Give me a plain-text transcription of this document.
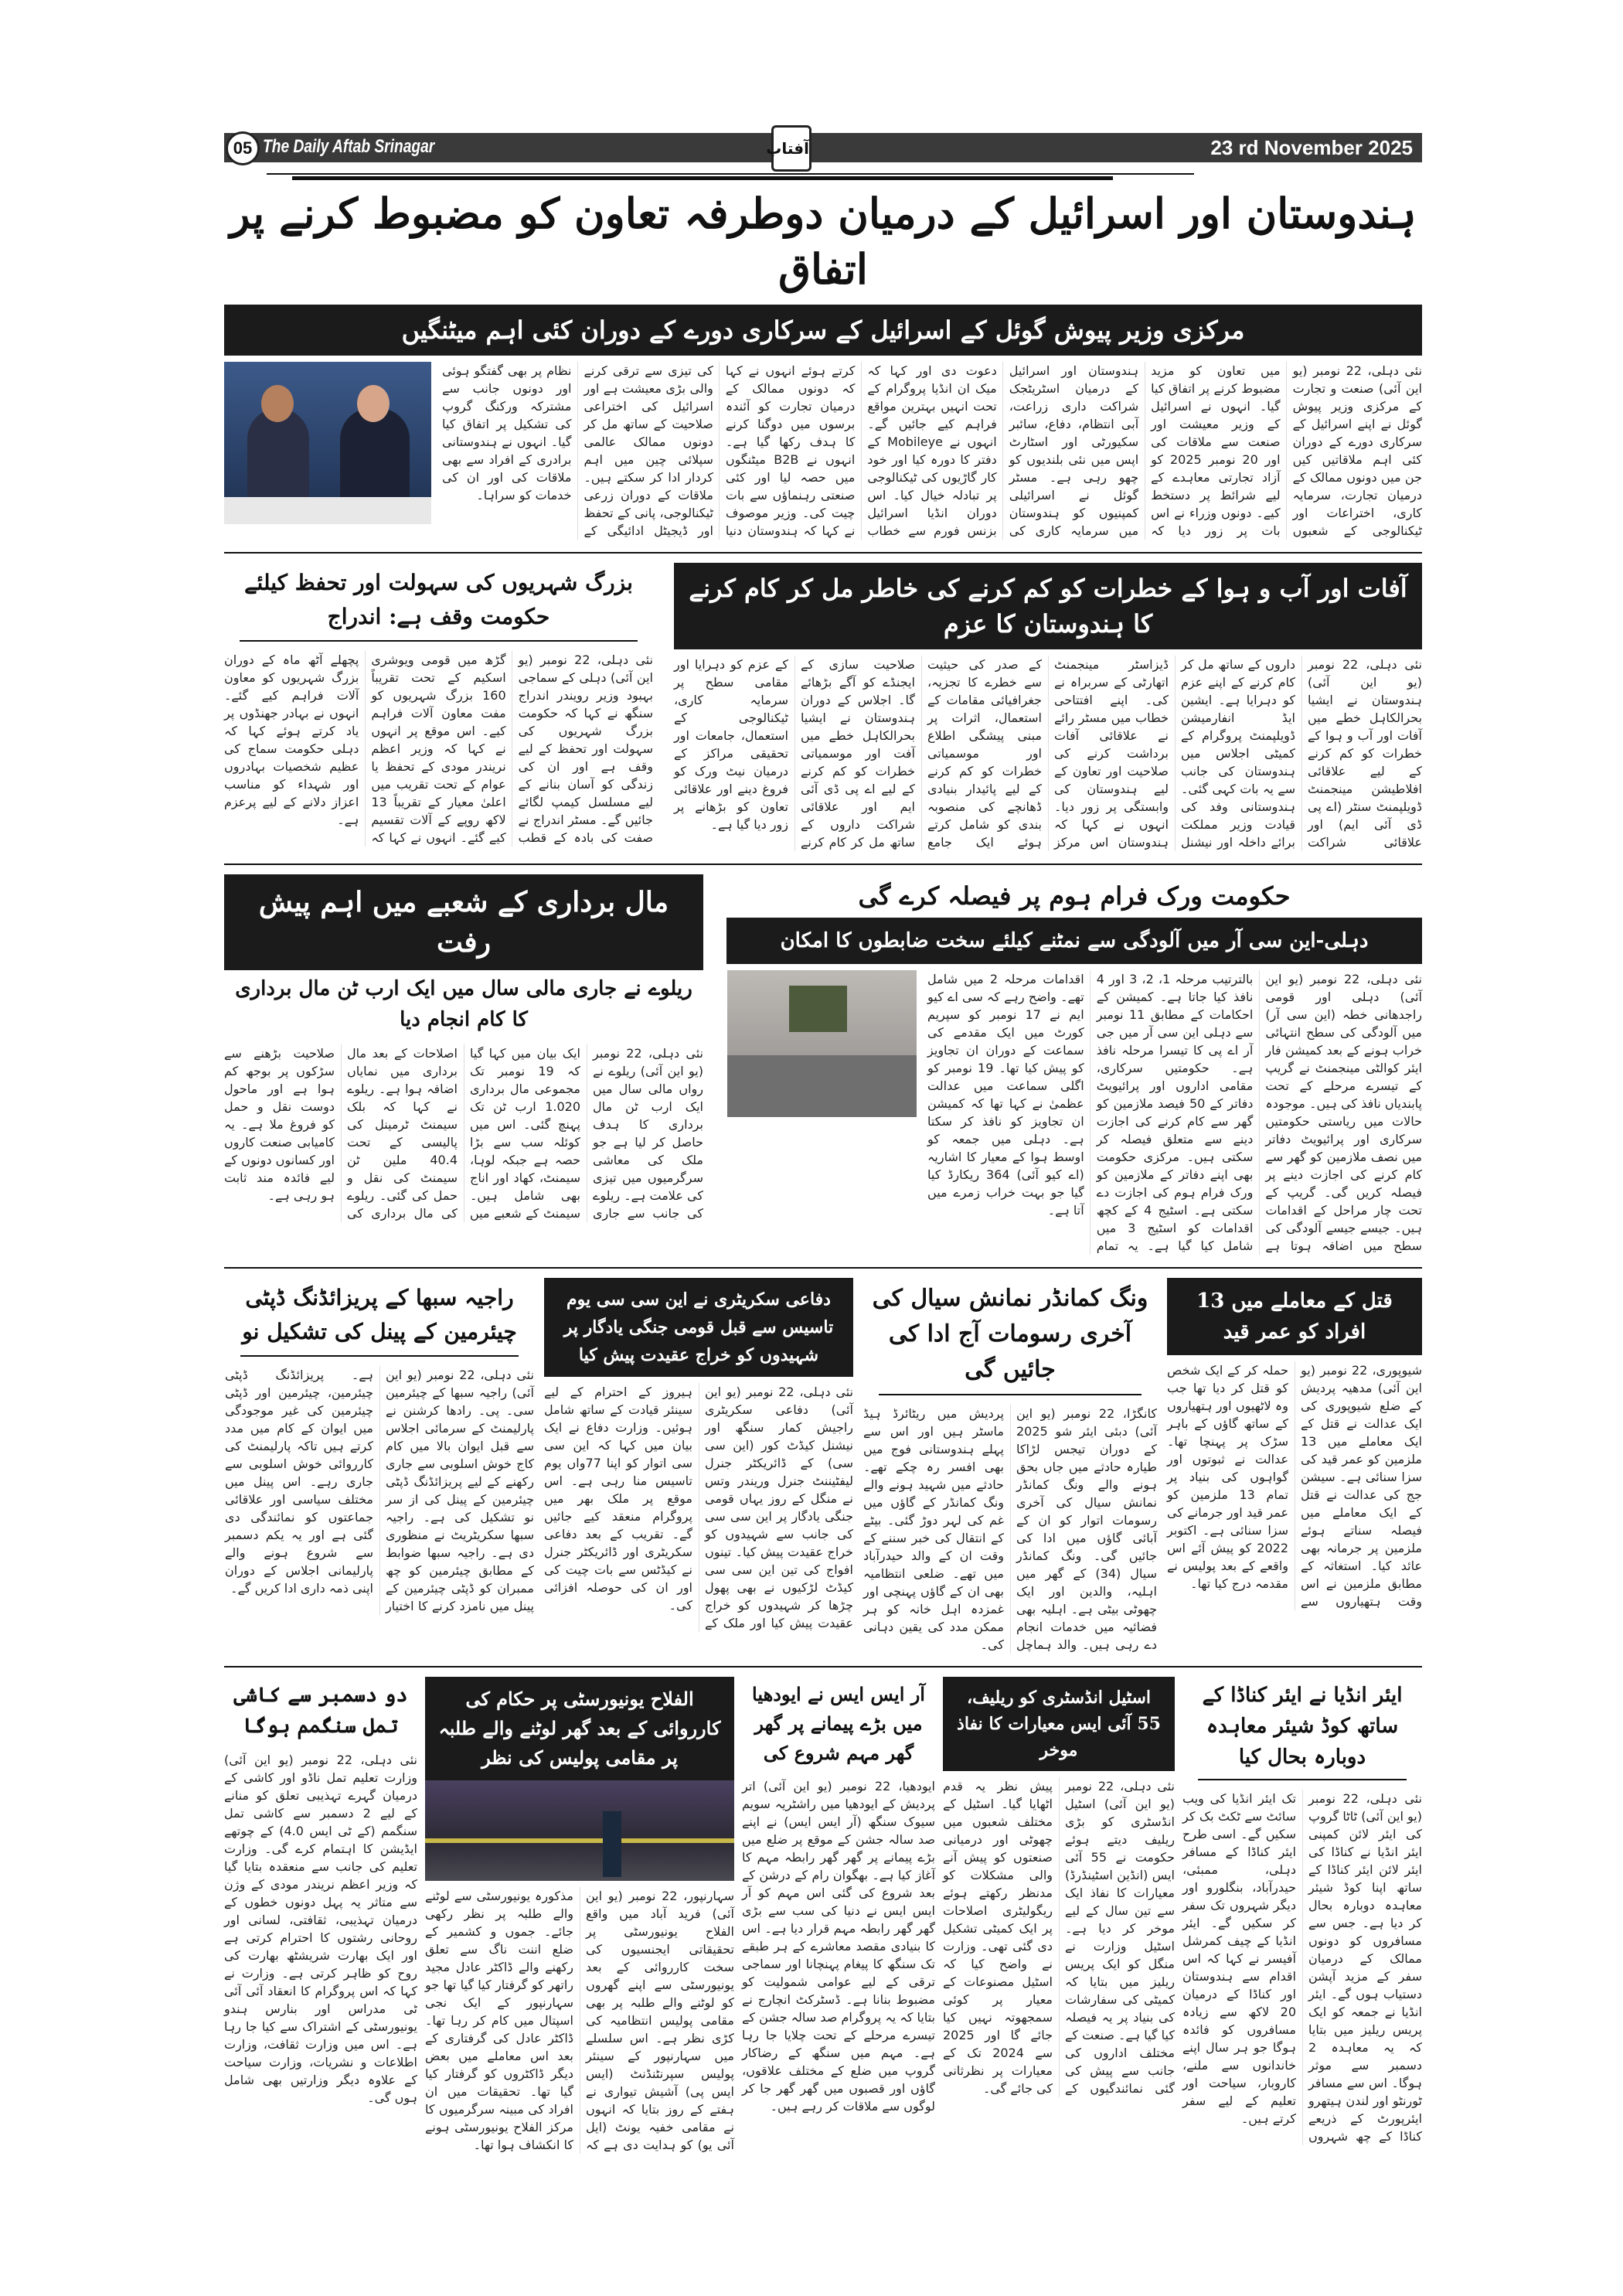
05 The Daily Aftab Srinagar	آفتاب	23 rd November 2025
ہندوستان اور اسرائیل کے درمیان دوطرفہ تعاون کو مضبوط کرنے پر اتفاق
مرکزی وزیر پیوش گوئل کے اسرائیل کے سرکاری دورے کے دوران کئی اہم میٹنگیں
نئی دہلی، 22 نومبر (یو این آئی) صنعت و تجارت کے مرکزی وزیر پیوش گوئل نے اپنے اسرائیل کے سرکاری دورے کے دوران کئی اہم ملاقاتیں کیں جن میں دونوں ممالک کے درمیان تجارت، سرمایہ کاری، اختراعات اور ٹیکنالوجی کے شعبوں میں تعاون کو مزید مضبوط کرنے پر اتفاق کیا گیا۔ انہوں نے اسرائیل کے وزیر معیشت اور صنعت سے ملاقات کی اور 20 نومبر 2025 کو آزاد تجارتی معاہدے کے لیے شرائط پر دستخط کیے۔ دونوں وزراء نے اس بات پر زور دیا کہ ہندوستان اور اسرائیل کے درمیان اسٹریٹجک شراکت داری زراعت، آبی انتظام، دفاع، سائبر سکیورٹی اور اسٹارٹ اپس میں نئی بلندیوں کو چھو رہی ہے۔ مسٹر گوئل نے اسرائیلی کمپنیوں کو ہندوستان میں سرمایہ کاری کی دعوت دی اور کہا کہ میک ان انڈیا پروگرام کے تحت انہیں بہترین مواقع فراہم کیے جائیں گے۔ انہوں نے Mobileye کے دفتر کا دورہ کیا اور خود کار گاڑیوں کی ٹیکنالوجی پر تبادلہ خیال کیا۔ اس دوران انڈیا اسرائیل بزنس فورم سے خطاب کرتے ہوئے انہوں نے کہا کہ دونوں ممالک کے درمیان تجارت کو آئندہ برسوں میں دوگنا کرنے کا ہدف رکھا گیا ہے۔ انہوں نے B2B میٹنگوں میں حصہ لیا اور کئی صنعتی رہنماؤں سے بات چیت کی۔ وزیر موصوف نے کہا کہ ہندوستان دنیا کی تیزی سے ترقی کرنے والی بڑی معیشت ہے اور اسرائیل کی اختراعی صلاحیت کے ساتھ مل کر دونوں ممالک عالمی سپلائی چین میں اہم کردار ادا کر سکتے ہیں۔ ملاقات کے دوران زرعی ٹیکنالوجی، پانی کے تحفظ اور ڈیجیٹل ادائیگی کے نظام پر بھی گفتگو ہوئی اور دونوں جانب سے مشترکہ ورکنگ گروپ کی تشکیل پر اتفاق کیا گیا۔ انہوں نے ہندوستانی برادری کے افراد سے بھی ملاقات کی اور ان کی خدمات کو سراہا۔
آفات اور آب و ہوا کے خطرات کو کم کرنے کی خاطر مل کر کام کرنے کا ہندوستان کا عزم
نئی دہلی، 22 نومبر (یو این آئی) ہندوستان نے ایشیا بحرالکاہل خطے میں آفات اور آب و ہوا کے خطرات کو کم کرنے کے لیے علاقائی افلاطیشن مینجمنٹ ڈویلپمنٹ سنٹر (اے پی ڈی آئی ایم) اور علاقائی شراکت داروں کے ساتھ مل کر کام کرنے کے اپنے عزم کو دہرایا ہے۔ ایشین ایڈ انفارمیشن ڈویلپمنٹ پروگرام کے کمیٹی اجلاس میں ہندوستان کی جانب سے یہ بات کہی گئی۔ ہندوستانی وفد کی قیادت وزیر مملکت برائے داخلہ اور نیشنل ڈیزاسٹر مینجمنٹ اتھارٹی کے سربراہ نے کی۔ اپنے افتتاحی خطاب میں مسٹر رائے نے علاقائی آفات برداشت کرنے کی صلاحیت اور تعاون کے لیے ہندوستان کی وابستگی پر زور دیا۔ انہوں نے کہا کہ ہندوستان اس مرکز کے صدر کی حیثیت سے خطرے کا تجزیہ، جغرافیائی مقامات کے استعمال، اثرات پر مبنی پیشگی اطلاع اور موسمیاتی خطرات کو کم کرنے کے لیے پائیدار بنیادی ڈھانچے کی منصوبہ بندی کو شامل کرتے ہوئے ایک جامع صلاحیت سازی کے ایجنڈے کو آگے بڑھائے گا۔ اجلاس کے دوران ہندوستان نے ایشیا بحرالکاہل خطے میں آفت اور موسمیاتی خطرات کو کم کرنے کے لیے اے پی ڈی آئی ایم اور علاقائی شراکت داروں کے ساتھ مل کر کام کرنے کے عزم کو دہرایا اور مقامی سطح پر سرمایہ کاری، ٹیکنالوجی کے استعمال، جامعات اور تحقیقی مراکز کے درمیان نیٹ ورک کو فروغ دینے اور علاقائی تعاون کو بڑھانے پر زور دیا گیا ہے۔
بزرگ شہریوں کی سہولت اور تحفظ کیلئے حکومت وقف ہے: اندراج
نئی دہلی، 22 نومبر (یو این آئی) دہلی کے سماجی بہبود وزیر رویندر اندراج سنگھ نے کہا کہ حکومت بزرگ شہریوں کی سہولت اور تحفظ کے لیے وقف ہے اور ان کی زندگی کو آسان بنانے کے لیے مسلسل کیمپ لگائے جائیں گے۔ مسٹر اندراج نے صفت کی بادہ کے قطب گڑھ میں قومی ویوشری اسکیم کے تحت تقریباً 160 بزرگ شہریوں کو مفت معاون آلات فراہم کیے۔ اس موقع پر انہوں نے کہا کہ وزیر اعظم نریندر مودی کے تحفظ یا عوام کے تحت تقریب میں اعلیٰ معیار کے تقریباً 13 لاکھ روپے کے آلات تقسیم کیے گئے۔ انہوں نے کہا کہ پچھلے آٹھ ماہ کے دوران بزرگ شہریوں کو معاون آلات فراہم کیے گئے۔ انہوں نے بہادر جھنڈوں پر یاد کرتے ہوئے کہا کہ دہلی حکومت سماج کی عظیم شخصیات بہادروں اور شہداء کو مناسب اعزاز دلانے کے لیے پرعزم ہے۔
حکومت ورک فرام ہوم پر فیصلہ کرے گی
دہلی-این سی آر میں آلودگی سے نمٹنے کیلئے سخت ضابطوں کا امکان
نئی دہلی، 22 نومبر (یو این آئی) دہلی اور قومی راجدھانی خطہ (این سی آر) میں آلودگی کی سطح انتہائی خراب ہونے کے بعد کمیشن فار ایئر کوالٹی مینجمنٹ نے گریپ کے تیسرے مرحلے کے تحت پابندیاں نافذ کی ہیں۔ موجودہ حالات میں ریاستی حکومتیں سرکاری اور پرائیویٹ دفاتر میں نصف ملازمین کو گھر سے کام کرنے کی اجازت دینے پر فیصلہ کریں گی۔ گریپ کے تحت چار مراحل کے اقدامات ہیں۔ جیسے جیسے آلودگی کی سطح میں اضافہ ہوتا ہے بالترتیب مرحلہ 1، 2، 3 اور 4 نافذ کیا جاتا ہے۔ کمیشن کے احکامات کے مطابق 11 نومبر سے دہلی این سی آر میں جی آر اے پی کا تیسرا مرحلہ نافذ ہے۔ حکومتیں سرکاری، مقامی اداروں اور پرائیویٹ دفاتر کے 50 فیصد ملازمین کو گھر سے کام کرنے کی اجازت دینے سے متعلق فیصلہ کر سکتی ہیں۔ مرکزی حکومت بھی اپنے دفاتر کے ملازمین کو ورک فرام ہوم کی اجازت دے سکتی ہے۔ اسٹیج 4 کے کچھ اقدامات کو اسٹیج 3 میں شامل کیا گیا ہے۔ یہ تمام اقدامات مرحلہ 2 میں شامل تھے۔ واضح رہے کہ سی اے کیو ایم نے 17 نومبر کو سپریم کورٹ میں ایک مقدمے کی سماعت کے دوران ان تجاویز کو پیش کیا تھا۔ 19 نومبر کو اگلی سماعت میں عدالت عظمیٰ نے کہا تھا کہ کمیشن ان تجاویز کو نافذ کر سکتا ہے۔ دہلی میں جمعہ کو اوسط ہوا کے معیار کا اشاریہ (اے کیو آئی) 364 ریکارڈ کیا گیا جو بہت خراب زمرے میں آتا ہے۔
مال برداری کے شعبے میں اہم پیش رفت
ریلوے نے جاری مالی سال میں ایک ارب ٹن مال برداری کا کام انجام دیا
نئی دہلی، 22 نومبر (یو این آئی) ریلوے نے رواں مالی سال میں ایک ارب ٹن مال برداری کا ہدف حاصل کر لیا ہے جو ملک کی معاشی سرگرمیوں میں تیزی کی علامت ہے۔ ریلوے کی جانب سے جاری ایک بیان میں کہا گیا کہ 19 نومبر تک مجموعی مال برداری 1.020 ارب ٹن تک پہنچ گئی۔ اس میں کوئلہ سب سے بڑا حصہ ہے جبکہ لوہا، سیمنٹ، کھاد اور اناج بھی شامل ہیں۔ سیمنٹ کے شعبے میں اصلاحات کے بعد مال برداری میں نمایاں اضافہ ہوا ہے۔ ریلوے نے کہا کہ بلک سیمنٹ ٹرمینل کی پالیسی کے تحت 40.4 ملین ٹن سیمنٹ کی نقل و حمل کی گئی۔ ریلوے کی مال برداری کی صلاحیت بڑھنے سے سڑکوں پر بوجھ کم ہوا ہے اور ماحول دوست نقل و حمل کو فروغ ملا ہے۔ یہ کامیابی صنعت کاروں اور کسانوں دونوں کے لیے فائدہ مند ثابت ہو رہی ہے۔
قتل کے معاملے میں 13 افراد کو عمر قید
شیوپوری، 22 نومبر (یو این آئی) مدھیہ پردیش کے ضلع شیوپوری کی ایک عدالت نے قتل کے ایک معاملے میں 13 ملزمین کو عمر قید کی سزا سنائی ہے۔ سیشن جج کی عدالت نے قتل کے ایک معاملے میں فیصلہ سناتے ہوئے ملزمین پر جرمانہ بھی عائد کیا۔ استغاثہ کے مطابق ملزمین نے اس وقت ہتھیاروں سے حملہ کر کے ایک شخص کو قتل کر دیا تھا جب وہ لاٹھیوں اور ہتھیاروں کے ساتھ گاؤں کے باہر سڑک پر پہنچا تھا۔ عدالت نے ثبوتوں اور گواہوں کی بنیاد پر تمام 13 ملزمین کو عمر قید اور جرمانے کی سزا سنائی ہے۔ اکتوبر 2022 کو پیش آئے اس واقعے کے بعد پولیس نے مقدمہ درج کیا تھا۔
ونگ کمانڈر نمانش سیال کی آخری رسومات آج ادا کی جائیں گی
کانگڑا، 22 نومبر (یو این آئی) دبئی ایئر شو 2025 کے دوران تیجس لڑاکا طیارہ حادثے میں جاں بحق ہونے والے ونگ کمانڈر نمانش سیال کی آخری رسومات اتوار کو ان کے آبائی گاؤں میں ادا کی جائیں گی۔ ونگ کمانڈر سیال (34) کے گھر میں اہلیہ، والدین اور ایک چھوٹی بیٹی ہے۔ اہلیہ بھی فضائیہ میں خدمات انجام دے رہی ہیں۔ والد ہماچل پردیش میں ریٹائرڈ ہیڈ ماسٹر ہیں اور اس سے پہلے ہندوستانی فوج میں بھی افسر رہ چکے تھے۔ حادثے میں شہید ہونے والے ونگ کمانڈر کے گاؤں میں غم کی لہر دوڑ گئی۔ بیٹے کے انتقال کی خبر سننے کے وقت ان کے والد حیدرآباد میں تھے۔ ضلعی انتظامیہ بھی ان کے گاؤں پہنچی اور غمزدہ اہل خانہ کو ہر ممکن مدد کی یقین دہانی کی۔
دفاعی سکریٹری نے این سی سی یوم تاسیس سے قبل قومی جنگی یادگار پر شہیدوں کو خراج عقیدت پیش کیا
نئی دہلی، 22 نومبر (یو این آئی) دفاعی سکریٹری راجیش کمار سنگھ اور نیشنل کیڈٹ کور (این سی سی) کے ڈائریکٹر جنرل لیفٹیننٹ جنرل وریندر وتس نے منگل کے روز یہاں قومی جنگی یادگار پر این سی سی کی جانب سے شہیدوں کو خراج عقیدت پیش کیا۔ تینوں افواج کی تین این سی سی کیڈٹ لڑکیوں نے بھی پھول چڑھا کر شہیدوں کو خراج عقیدت پیش کیا اور ملک کے ہیروز کے احترام کے لیے سینئر قیادت کے ساتھ شامل ہوئیں۔ وزارت دفاع نے ایک بیان میں کہا کہ این سی سی اتوار کو اپنا 77واں یوم تاسیس منا رہی ہے۔ اس موقع پر ملک بھر میں پروگرام منعقد کیے جائیں گے۔ تقریب کے بعد دفاعی سکریٹری اور ڈائریکٹر جنرل نے کیڈٹس سے بات چیت کی اور ان کی حوصلہ افزائی کی۔
راجیہ سبھا کے پریزائڈنگ ڈپٹی چیئرمین کے پینل کی تشکیل نو
نئی دہلی، 22 نومبر (یو این آئی) راجیہ سبھا کے چیئرمین سی۔ پی۔ رادھا کرشنن نے پارلیمنٹ کے سرمائی اجلاس سے قبل ایوان بالا میں کام کاج خوش اسلوبی سے جاری رکھنے کے لیے پریزائڈنگ ڈپٹی چیئرمین کے پینل کی از سر نو تشکیل کی ہے۔ راجیہ سبھا سکریٹریٹ نے منظوری دی ہے۔ راجیہ سبھا ضوابط کے مطابق چیئرمین کو چھ ممبران کو ڈپٹی چیئرمین کے پینل میں نامزد کرنے کا اختیار ہے۔ پریزائڈنگ ڈپٹی چیئرمین، چیئرمین اور ڈپٹی چیئرمین کی غیر موجودگی میں ایوان کے کام میں مدد کرتے ہیں تاکہ پارلیمنٹ کی کارروائی خوش اسلوبی سے جاری رہے۔ اس پینل میں مختلف سیاسی اور علاقائی جماعتوں کو نمائندگی دی گئی ہے اور یہ یکم دسمبر سے شروع ہونے والے پارلیمانی اجلاس کے دوران اپنی ذمہ داری ادا کریں گے۔
ایئر انڈیا نے ایئر کناڈا کے ساتھ کوڈ شیئر معاہدہ دوبارہ بحال کیا
نئی دہلی، 22 نومبر (یو این آئی) ٹاٹا گروپ کی ایئر لائن کمپنی ایئر انڈیا نے کناڈا کی ایئر لائن ایئر کناڈا کے ساتھ اپنا کوڈ شیئر معاہدہ دوبارہ بحال کر دیا ہے۔ جس سے مسافروں کو دونوں ممالک کے درمیان سفر کے مزید آپشن دستیاب ہوں گے۔ ایئر انڈیا نے جمعہ کو ایک پریس ریلیز میں بتایا کہ یہ معاہدہ 2 دسمبر سے موثر ہوگا۔ اس سے مسافر ٹورنٹو اور لندن ہیتھرو ایئرپورٹ کے ذریعے کناڈا کے چھ شہروں تک ایئر انڈیا کی ویب سائٹ سے ٹکٹ بک کر سکیں گے۔ اسی طرح ایئر کناڈا کے مسافر دہلی، ممبئی، حیدرآباد، بنگلورو اور دیگر شہروں تک سفر کر سکیں گے۔ ایئر انڈیا کے چیف کمرشل آفیسر نے کہا کہ اس اقدام سے ہندوستان اور کناڈا کے درمیان 20 لاکھ سے زیادہ مسافروں کو فائدہ ہوگا جو ہر سال اپنے خاندانوں سے ملنے، کاروبار، سیاحت اور تعلیم کے لیے سفر کرتے ہیں۔
اسٹیل انڈسٹری کو ریلیف، 55 آئی ایس معیارات کا نفاذ موخر
نئی دہلی، 22 نومبر (یو این آئی) اسٹیل انڈسٹری کو بڑی ریلیف دیتے ہوئے حکومت نے 55 آئی ایس (انڈین اسٹینڈرڈ) معیارات کا نفاذ ایک سے تین سال کے لیے موخر کر دیا ہے۔ اسٹیل وزارت نے منگل کو ایک پریس ریلیز میں بتایا کہ کمیٹی کی سفارشات کی بنیاد پر یہ فیصلہ کیا گیا ہے۔ صنعت کے مختلف اداروں کی جانب سے پیش کی گئی نمائندگیوں کے پیش نظر یہ قدم اٹھایا گیا۔ اسٹیل کے مختلف شعبوں میں چھوٹی اور درمیانی صنعتوں کو پیش آنے والی مشکلات کو مدنظر رکھتے ہوئے ریگولیٹری اصلاحات پر ایک کمیٹی تشکیل دی گئی تھی۔ وزارت نے واضح کیا کہ اسٹیل مصنوعات کے معیار پر کوئی سمجھوتہ نہیں کیا جائے گا اور 2025 سے 2024 تک کے معیارات پر نظرثانی کی جائے گی۔
آر ایس ایس نے ایودھیا میں بڑے پیمانے پر گھر گھر مہم شروع کی
ایودھیا، 22 نومبر (یو این آئی) اتر پردیش کے ایودھیا میں راشٹریہ سویم سیوک سنگھ (آر ایس ایس) نے اپنے صد سالہ جشن کے موقع پر ضلع میں بڑے پیمانے پر گھر گھر رابطہ مہم کا آغاز کیا ہے۔ بھگوان رام کے درشن کے بعد شروع کی گئی اس مہم کو آر ایس ایس نے دنیا کی سب سے بڑی گھر گھر رابطہ مہم قرار دیا ہے۔ اس کا بنیادی مقصد معاشرے کے ہر طبقے تک سنگھ کا پیغام پہنچانا اور سماجی ترقی کے لیے عوامی شمولیت کو مضبوط بنانا ہے۔ ڈسٹرکٹ انچارج نے بتایا کہ یہ پروگرام صد سالہ جشن کے تیسرے مرحلے کے تحت چلایا جا رہا ہے۔ مہم میں سنگھ کے رضاکار گروپ میں ضلع کے مختلف علاقوں، گاؤں اور قصبوں میں گھر گھر جا کر لوگوں سے ملاقات کر رہے ہیں۔
الفلاح یونیورسٹی پر حکام کی کارروائی کے بعد گھر لوٹنے والے طلبہ پر مقامی پولیس کی نظر
سہارنپور، 22 نومبر (یو این آئی) فرید آباد میں واقع الفلاح یونیورسٹی پر تحقیقاتی ایجنسیوں کی سخت کارروائی کے بعد یونیورسٹی سے اپنے گھروں کو لوٹنے والے طلبہ پر بھی مقامی پولیس انتظامیہ کی کڑی نظر ہے۔ اس سلسلے میں سہارنپور کے سینئر پولیس سپرنٹنڈنٹ (ایس ایس پی) آشیش تیواری نے ہفتے کے روز بتایا کہ انہوں نے مقامی خفیہ یونٹ (ایل آئی یو) کو ہدایت دی ہے کہ مذکورہ یونیورسٹی سے لوٹنے والے طلبہ پر نظر رکھی جائے۔ جموں و کشمیر کے ضلع اننت ناگ سے تعلق رکھنے والے ڈاکٹر عادل مجید راتھر کو گرفتار کیا گیا تھا جو سہارنپور کے ایک نجی اسپتال میں کام کر رہا تھا۔ ڈاکٹر عادل کی گرفتاری کے بعد اس معاملے میں بعض دیگر ڈاکٹروں کو گرفتار کیا گیا تھا۔ تحقیقات میں ان افراد کی مبینہ سرگرمیوں کا مرکز الفلاح یونیورسٹی ہونے کا انکشاف ہوا تھا۔
دو دسمبر سے کاشی تمل سنگمم ہوگا
نئی دہلی، 22 نومبر (یو این آئی) وزارت تعلیم تمل ناڈو اور کاشی کے درمیان گہرے تہذیبی تعلق کو منانے کے لیے 2 دسمبر سے کاشی تمل سنگمم (کے ٹی ایس 4.0) کے چوتھے ایڈیشن کا اہتمام کرے گی۔ وزارت تعلیم کی جانب سے منعقدہ بتایا گیا کہ وزیر اعظم نریندر مودی کے وژن سے متاثر یہ پہل دونوں خطوں کے درمیان تہذیبی، ثقافتی، لسانی اور روحانی رشتوں کا احترام کرتی ہے اور ایک بھارت شریشٹھ بھارت کی روح کو ظاہر کرتی ہے۔ وزارت نے کہا کہ اس پروگرام کا انعقاد آئی آئی ٹی مدراس اور بنارس ہندو یونیورسٹی کے اشتراک سے کیا جا رہا ہے۔ اس میں وزارت ثقافت، وزارت اطلاعات و نشریات، وزارت سیاحت کے علاوہ دیگر وزارتیں بھی شامل ہوں گی۔
